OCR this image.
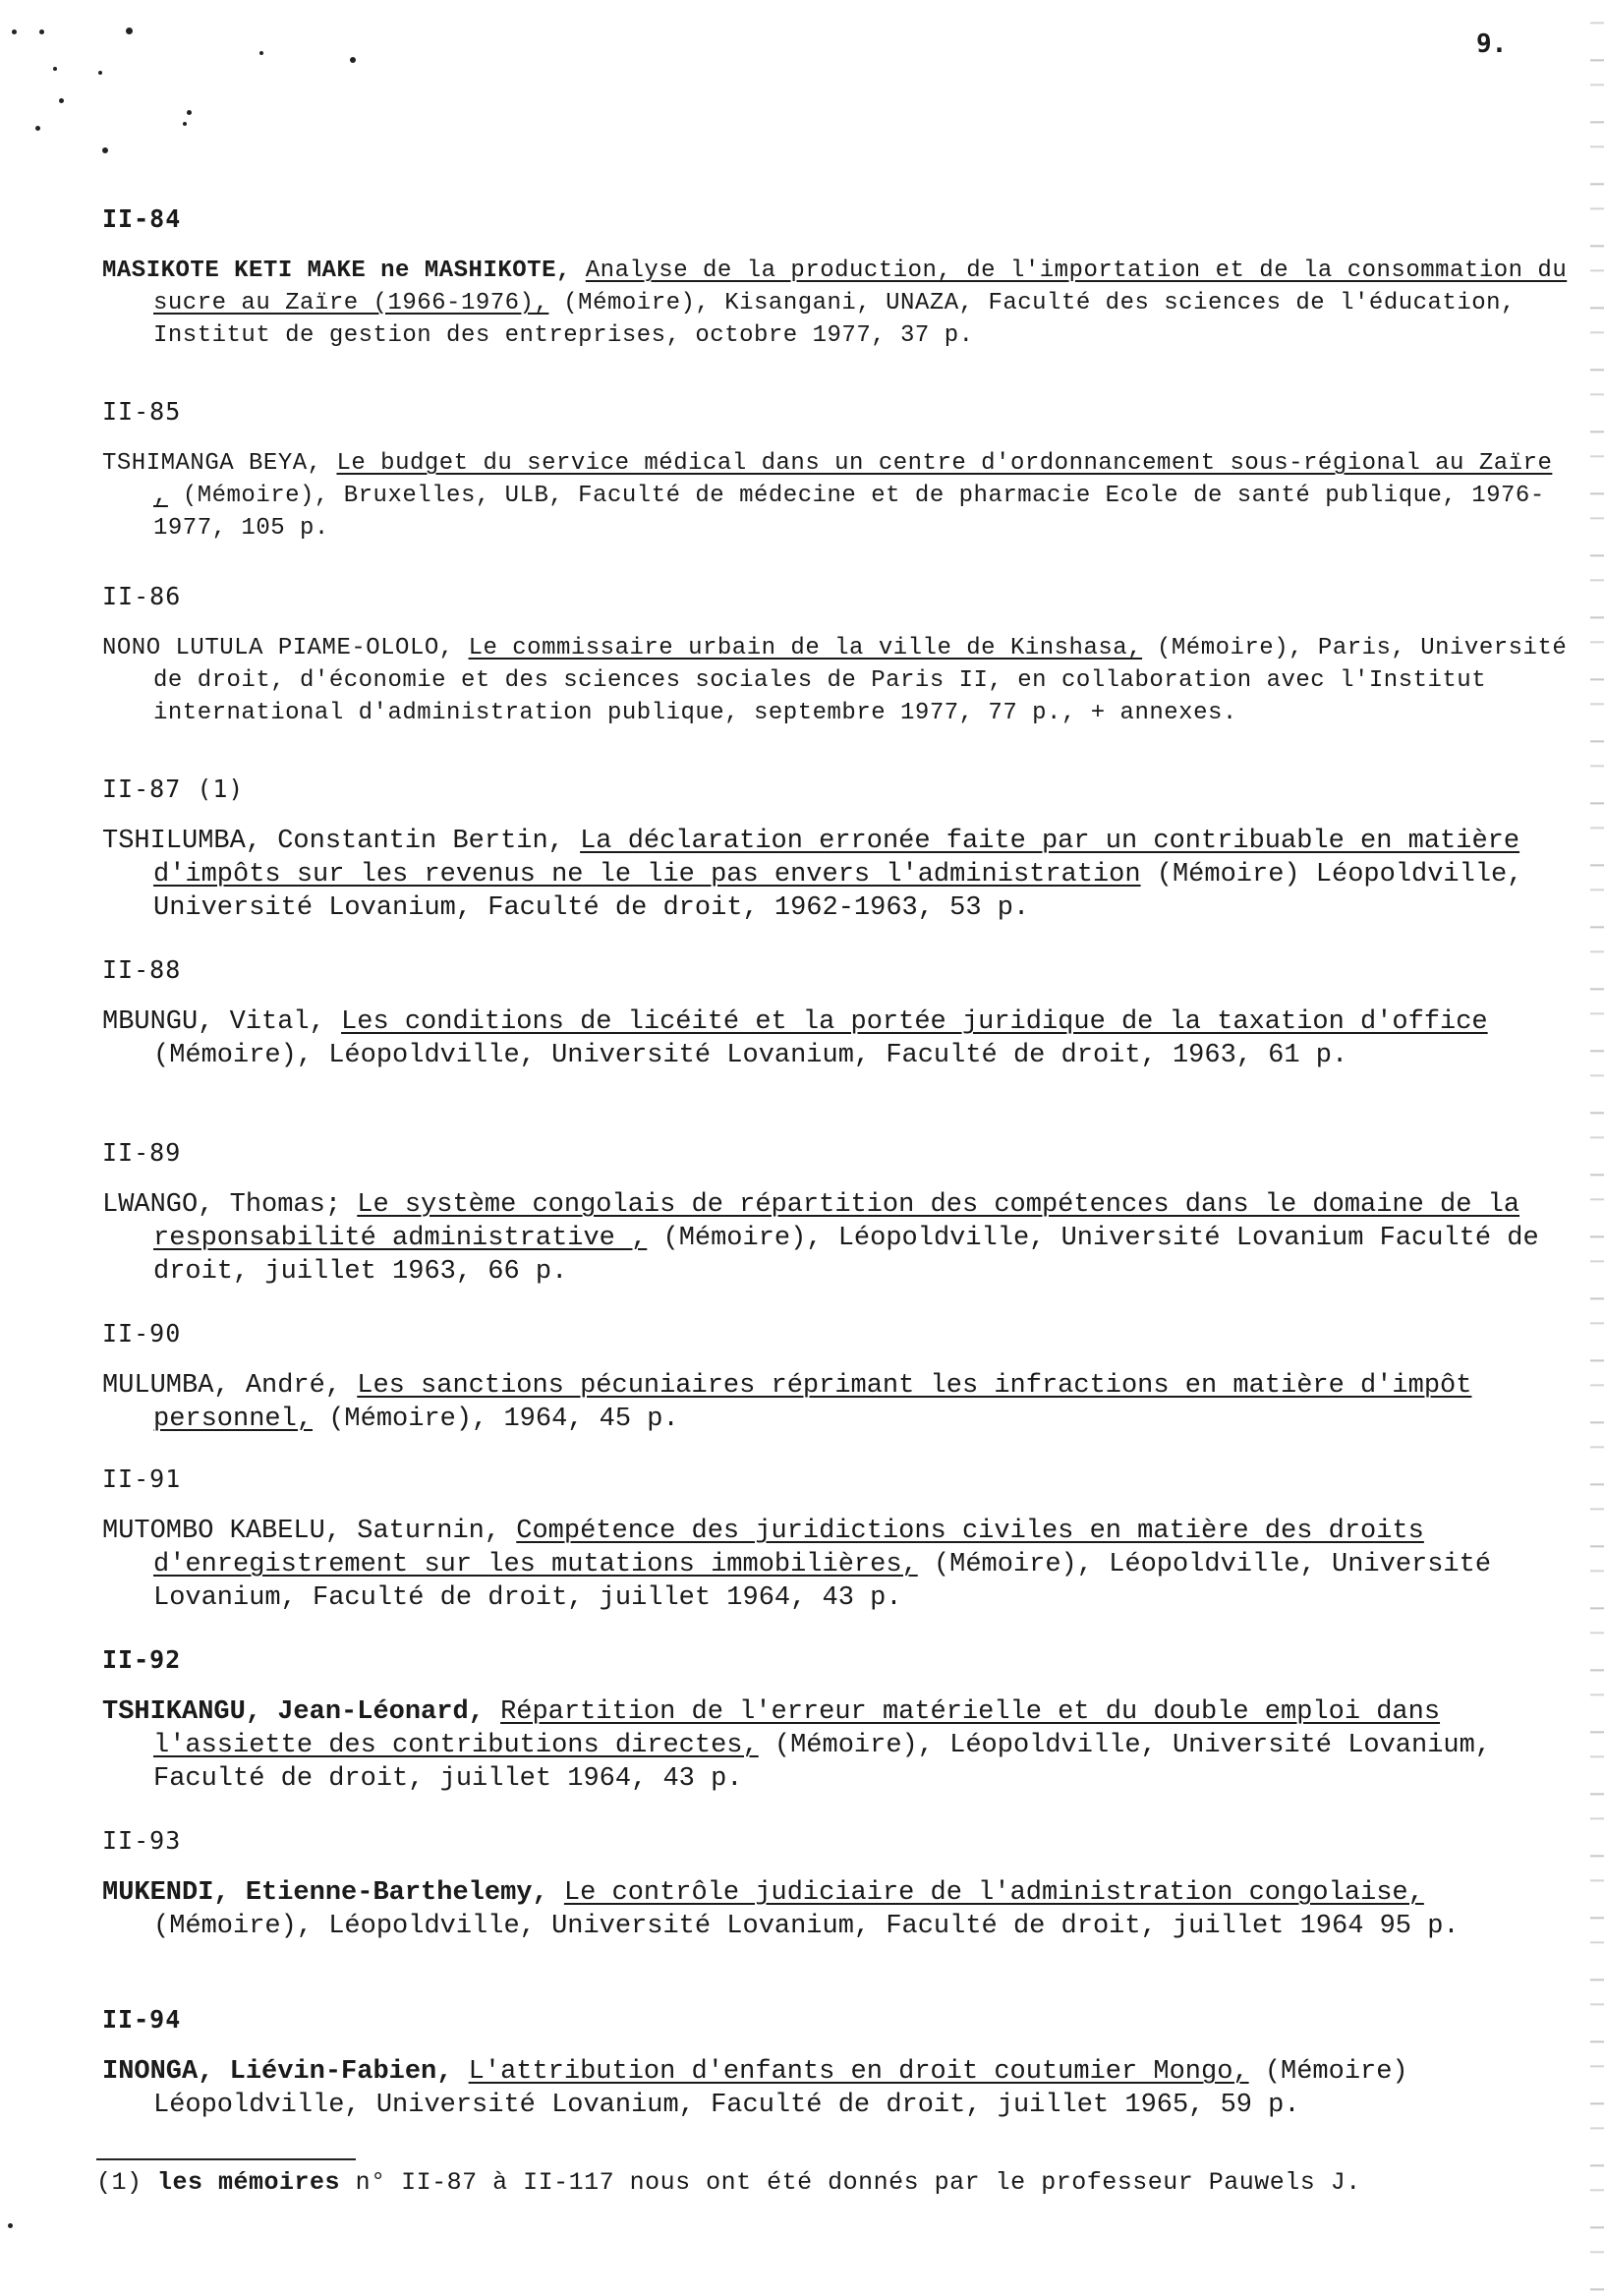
9.
II-84

MASIKOTE KETI MAKE ne MASHIKOTE, Analyse de la production, de l'importation et de la consommation du sucre au Zaïre (1966-1976), (Mémoire), Kisangani, UNAZA, Faculté des sciences de l'éducation, Institut de gestion des entreprises, octobre 1977, 37 p.

II-85

TSHIMANGA BEYA, Le budget du service médical dans un centre d'ordonnancement sous-régional au Zaïre , (Mémoire), Bruxelles, ULB, Faculté de médecine et de pharmacie Ecole de santé publique, 1976-1977, 105 p.

II-86

NONO LUTULA PIAME-OLOLO, Le commissaire urbain de la ville de Kinshasa, (Mémoire), Paris, Université de droit, d'économie et des sciences sociales de Paris II, en collaboration avec l'Institut international d'administration publique, septembre 1977, 77 p., + annexes.

II-87 (1)

TSHILUMBA, Constantin Bertin, La déclaration erronée faite par un contribuable en matière d'impôts sur les revenus ne le lie pas envers l'administration (Mémoire) Léopoldville, Université Lovanium, Faculté de droit, 1962-1963, 53 p.

II-88

MBUNGU, Vital, Les conditions de licéité et la portée juridique de la taxation d'office (Mémoire), Léopoldville, Université Lovanium, Faculté de droit, 1963, 61 p.

II-89

LWANGO, Thomas; Le système congolais de répartition des compétences dans le domaine de la responsabilité administrative , (Mémoire), Léopoldville, Université Lovanium Faculté de droit, juillet 1963, 66 p.

II-90

MULUMBA, André, Les sanctions pécuniaires réprimant les infractions en matière d'impôt personnel, (Mémoire), 1964, 45 p.

II-91

MUTOMBO KABELU, Saturnin, Compétence des juridictions civiles en matière des droits d'enregistrement sur les mutations immobilières, (Mémoire), Léopoldville, Université Lovanium, Faculté de droit, juillet 1964, 43 p.

II-92

TSHIKANGU, Jean-Léonard, Répartition de l'erreur matérielle et du double emploi dans l'assiette des contributions directes, (Mémoire), Léopoldville, Université Lovanium, Faculté de droit, juillet 1964, 43 p.

II-93

MUKENDI, Etienne-Barthelemy, Le contrôle judiciaire de l'administration congolaise, (Mémoire), Léopoldville, Université Lovanium, Faculté de droit, juillet 1964 95 p.

II-94

INONGA, Liévin-Fabien, L'attribution d'enfants en droit coutumier Mongo, (Mémoire) Léopoldville, Université Lovanium, Faculté de droit, juillet 1965, 59 p.

(1) les mémoires n° II-87 à II-117 nous ont été donnés par le professeur Pauwels J.
